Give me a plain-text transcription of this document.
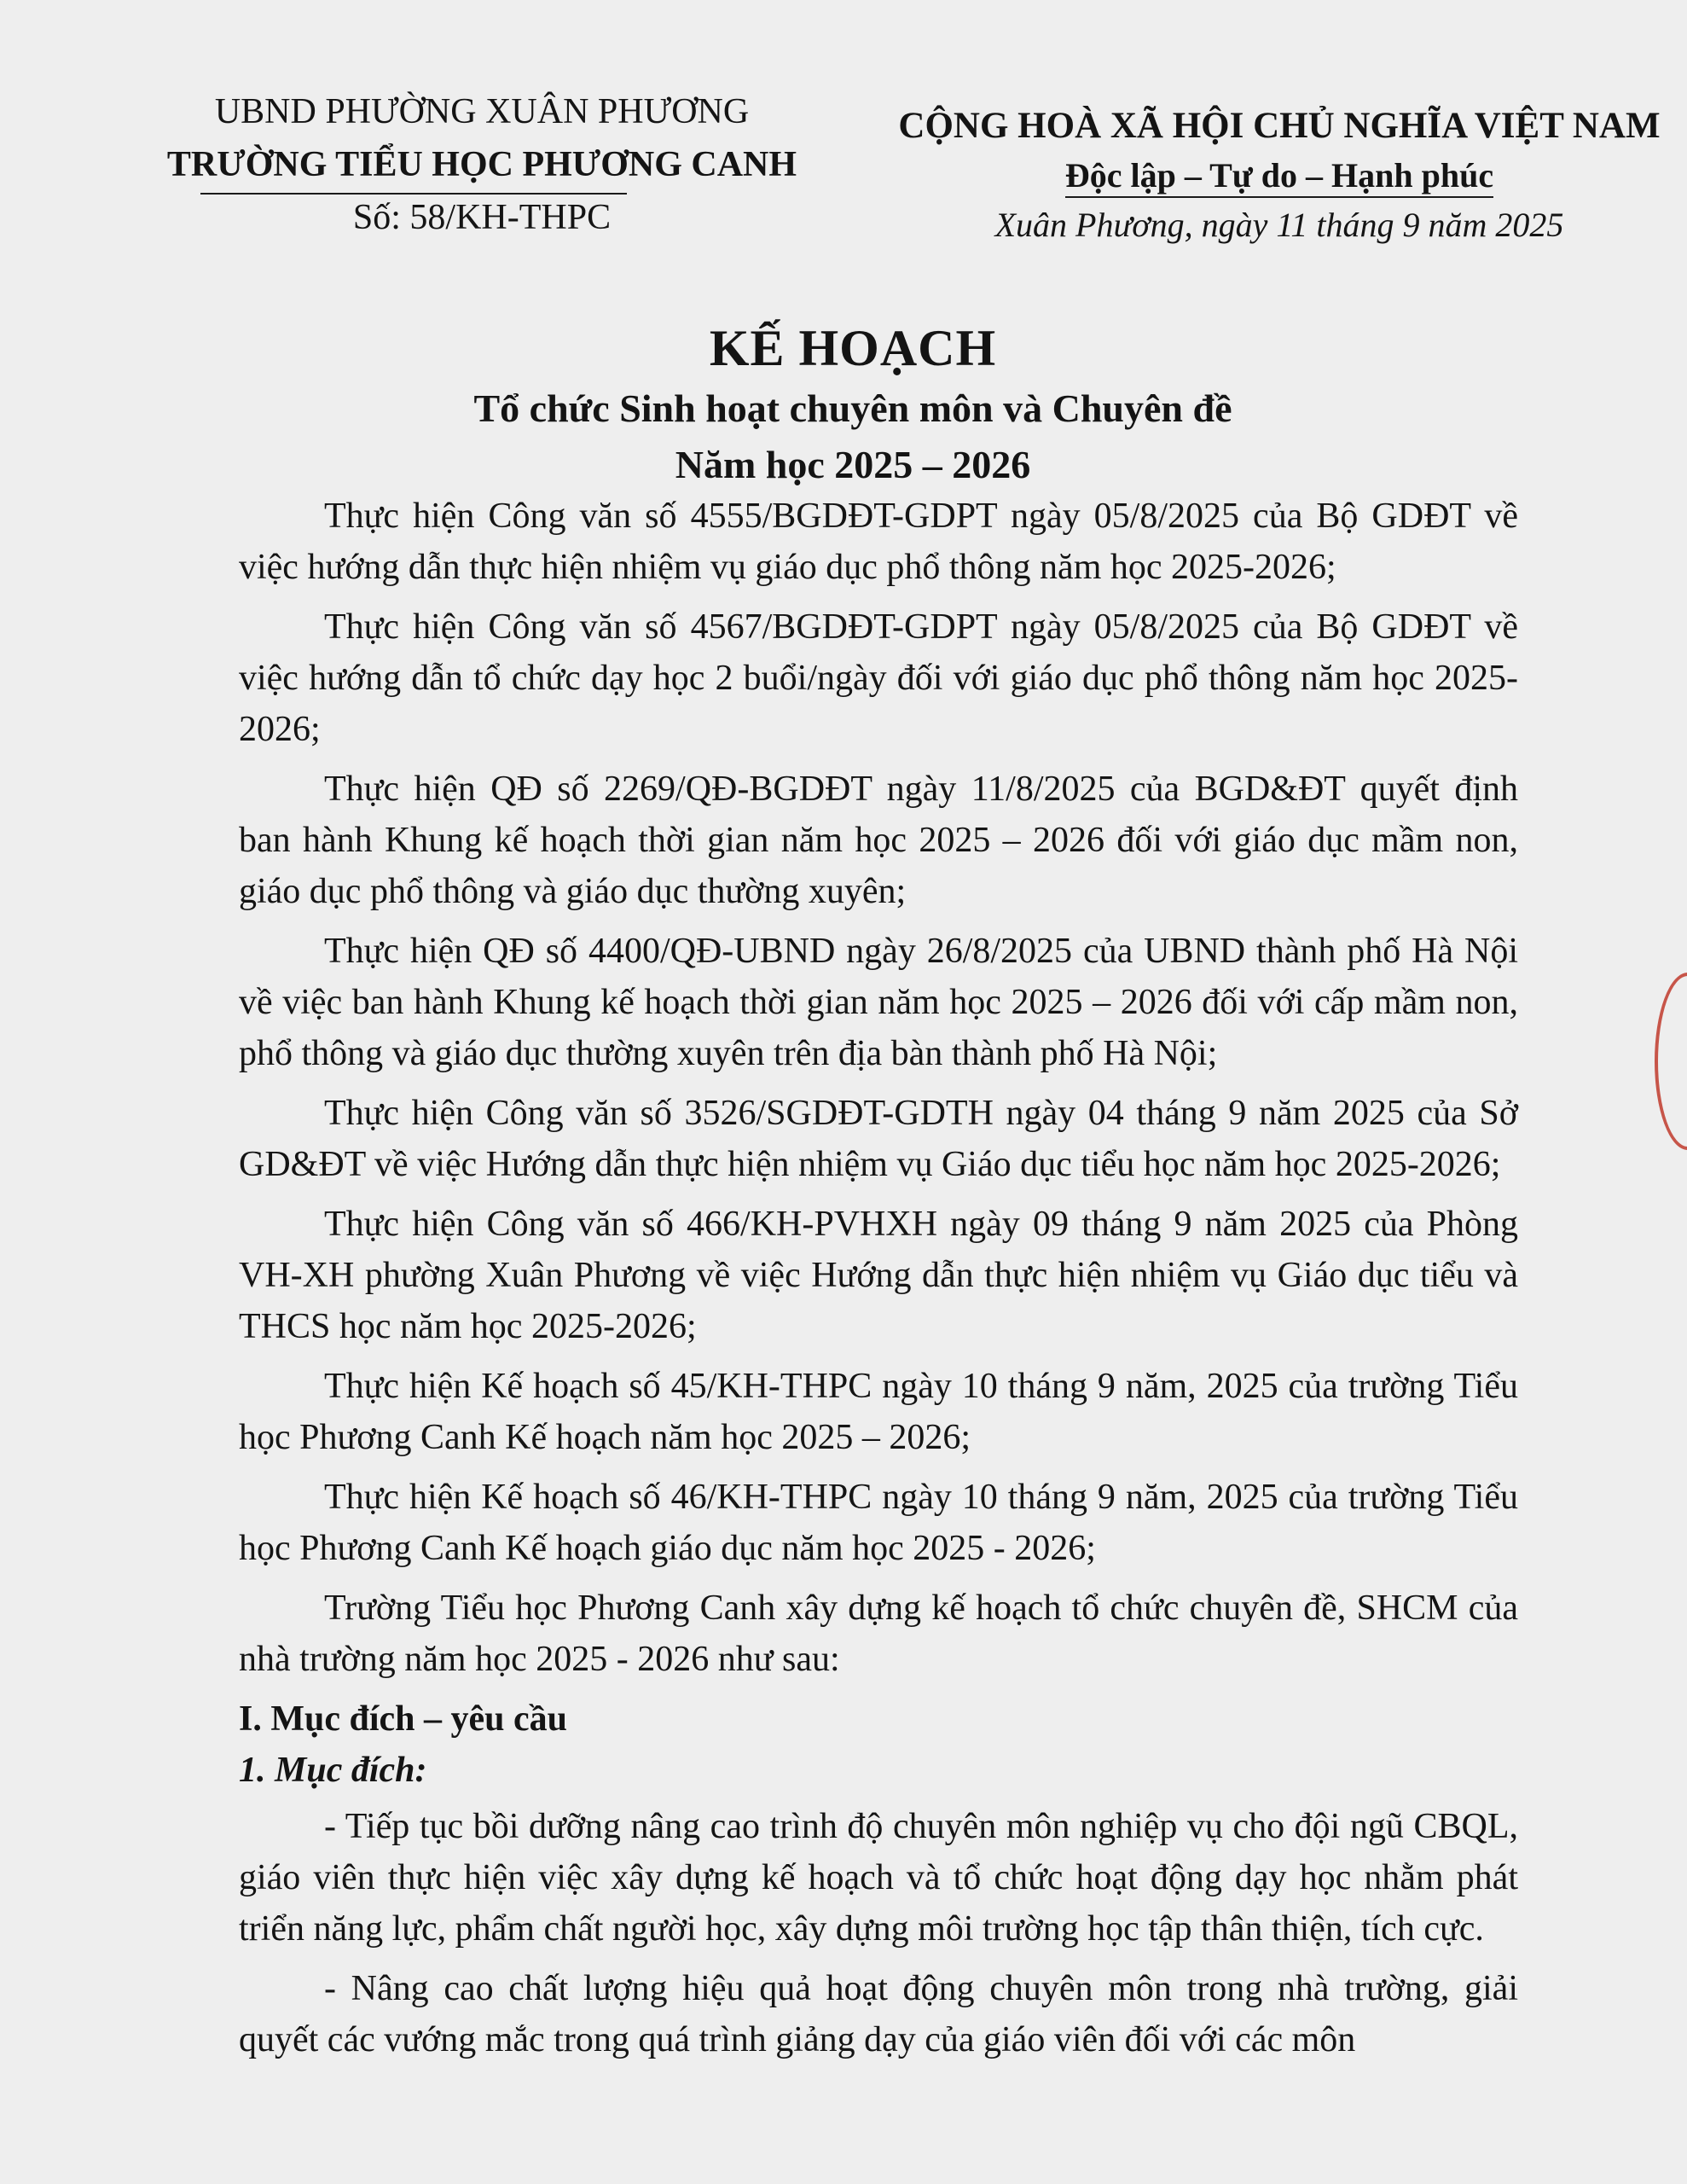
UBND PHƯỜNG XUÂN PHƯƠNG
TRƯỜNG TIỂU HỌC PHƯƠNG CANH
Số: 58/KH-THPC
CỘNG HOÀ XÃ HỘI CHỦ NGHĨA VIỆT NAM
Độc lập – Tự do – Hạnh phúc
Xuân Phương, ngày 11 tháng 9 năm 2025
KẾ HOẠCH
Tổ chức Sinh hoạt chuyên môn và Chuyên đề
Năm học 2025 – 2026

Thực hiện Công văn số 4555/BGDĐT-GDPT ngày 05/8/2025 của Bộ GDĐT về việc hướng dẫn thực hiện nhiệm vụ giáo dục phổ thông năm học 2025-2026;

Thực hiện Công văn số 4567/BGDĐT-GDPT ngày 05/8/2025 của Bộ GDĐT về việc hướng dẫn tổ chức dạy học 2 buổi/ngày đối với giáo dục phổ thông năm học 2025-2026;

Thực hiện QĐ số 2269/QĐ-BGDĐT ngày 11/8/2025 của BGD&ĐT quyết định ban hành Khung kế hoạch thời gian năm học 2025 – 2026 đối với giáo dục mầm non, giáo dục phổ thông và giáo dục thường xuyên;

Thực hiện QĐ số 4400/QĐ-UBND ngày 26/8/2025 của UBND thành phố Hà Nội về việc ban hành Khung kế hoạch thời gian năm học 2025 – 2026 đối với cấp mầm non, phổ thông và giáo dục thường xuyên trên địa bàn thành phố Hà Nội;

Thực hiện Công văn số 3526/SGDĐT-GDTH ngày 04 tháng 9 năm 2025 của Sở GD&ĐT về việc Hướng dẫn thực hiện nhiệm vụ Giáo dục tiểu học năm học 2025-2026;

Thực hiện Công văn số 466/KH-PVHXH ngày 09 tháng 9 năm 2025 của Phòng VH-XH phường Xuân Phương về việc Hướng dẫn thực hiện nhiệm vụ Giáo dục tiểu và THCS học năm học 2025-2026;

Thực hiện Kế hoạch số 45/KH-THPC ngày 10 tháng 9 năm, 2025 của trường Tiểu học Phương Canh Kế hoạch năm học 2025 – 2026;

Thực hiện Kế hoạch số 46/KH-THPC ngày 10 tháng 9 năm, 2025 của trường Tiểu học Phương Canh Kế hoạch giáo dục năm học 2025 - 2026;

Trường Tiểu học Phương Canh xây dựng kế hoạch tổ chức chuyên đề, SHCM của nhà trường năm học 2025 - 2026 như sau:

I. Mục đích – yêu cầu

1. Mục đích:

- Tiếp tục bồi dưỡng nâng cao trình độ chuyên môn nghiệp vụ cho đội ngũ CBQL, giáo viên thực hiện việc xây dựng kế hoạch và tổ chức hoạt động dạy học nhằm phát triển năng lực, phẩm chất người học, xây dựng môi trường học tập thân thiện, tích cực.

- Nâng cao chất lượng hiệu quả hoạt động chuyên môn trong nhà trường, giải quyết các vướng mắc trong quá trình giảng dạy của giáo viên đối với các môn
